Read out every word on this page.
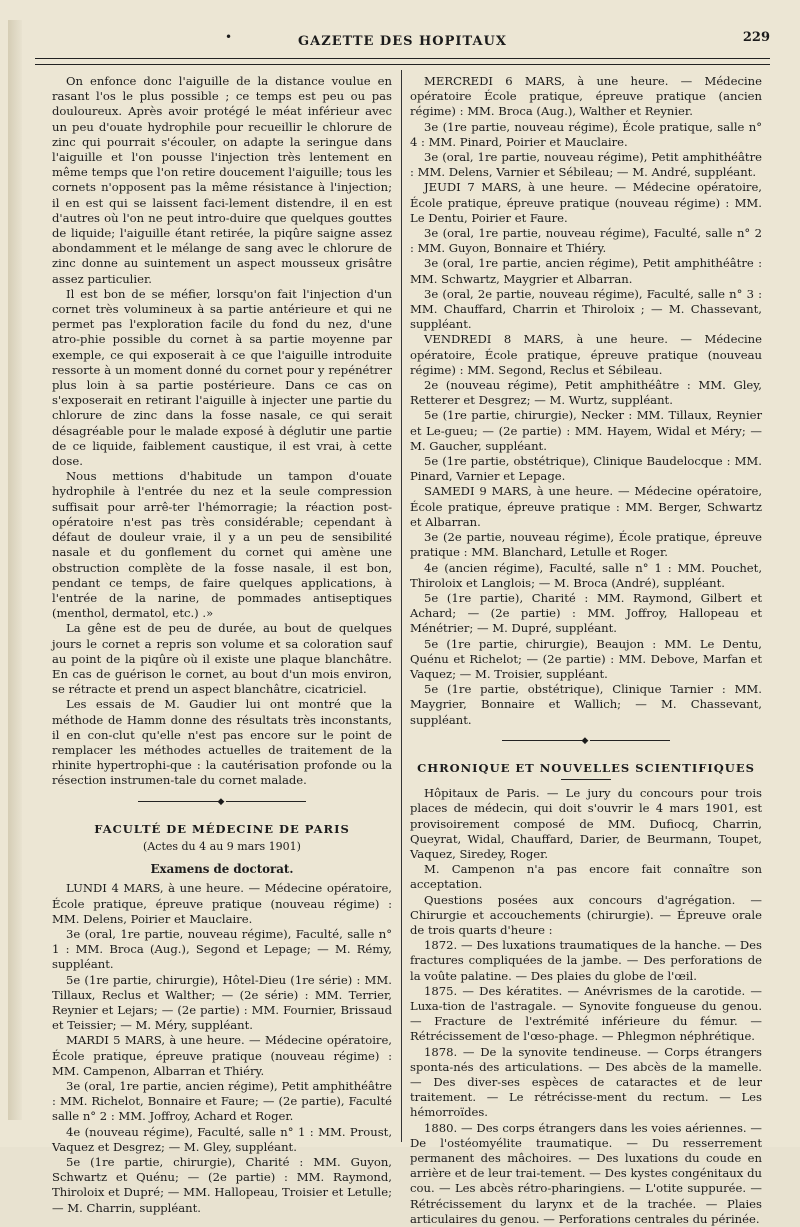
•	GAZETTE DES HOPITAUX	229

On enfonce donc l'aiguille de la distance voulue en rasant l'os le plus possible ; ce temps est peu ou pas douloureux. Après avoir protégé le méat inférieur avec un peu d'ouate hydrophile pour recueillir le chlorure de zinc qui pourrait s'écouler, on adapte la seringue dans l'aiguille et l'on pousse l'injection très lentement en même temps que l'on retire doucement l'aiguille; tous les cornets n'opposent pas la même résistance à l'injection; il en est qui se laissent faci-lement distendre, il en est d'autres où l'on ne peut intro-duire que quelques gouttes de liquide; l'aiguille étant retirée, la piqûre saigne assez abondamment et le mélange de sang avec le chlorure de zinc donne au suintement un aspect mousseux grisâtre assez particulier.

Il est bon de se méfier, lorsqu'on fait l'injection d'un cornet très volumineux à sa partie antérieure et qui ne permet pas l'exploration facile du fond du nez, d'une atro-phie possible du cornet à sa partie moyenne par exemple, ce qui exposerait à ce que l'aiguille introduite ressorte à un moment donné du cornet pour y repénétrer plus loin à sa partie postérieure. Dans ce cas on s'exposerait en retirant l'aiguille à injecter une partie du chlorure de zinc dans la fosse nasale, ce qui serait désagréable pour le malade exposé à déglutir une partie de ce liquide, faiblement caustique, il est vrai, à cette dose.

Nous mettions d'habitude un tampon d'ouate hydrophile à l'entrée du nez et la seule compression suffisait pour arrê-ter l'hémorragie; la réaction post-opératoire n'est pas très considérable; cependant à défaut de douleur vraie, il y a un peu de sensibilité nasale et du gonflement du cornet qui amène une obstruction complète de la fosse nasale, il est bon, pendant ce temps, de faire quelques applications, à l'entrée de la narine, de pommades antiseptiques (menthol, dermatol, etc.) .»

La gêne est de peu de durée, au bout de quelques jours le cornet a repris son volume et sa coloration sauf au point de la piqûre où il existe une plaque blanchâtre. En cas de guérison le cornet, au bout d'un mois environ, se rétracte et prend un aspect blanchâtre, cicatriciel.

Les essais de M. Gaudier lui ont montré que la méthode de Hamm donne des résultats très inconstants, il en con-clut qu'elle n'est pas encore sur le point de remplacer les méthodes actuelles de traitement de la rhinite hypertrophi-que : la cautérisation profonde ou la résection instrumen-tale du cornet malade.

◆
FACULTÉ DE MÉDECINE DE PARIS
(Actes du 4 au 9 mars 1901)
Examens de doctorat.

LUNDI 4 MARS, à une heure. — Médecine opératoire, École pratique, épreuve pratique (nouveau régime) : MM. Delens, Poirier et Mauclaire.

3e (oral, 1re partie, nouveau régime), Faculté, salle n° 1 : MM. Broca (Aug.), Segond et Lepage; — M. Rémy, suppléant.

5e (1re partie, chirurgie), Hôtel-Dieu (1re série) : MM. Tillaux, Reclus et Walther; — (2e série) : MM. Terrier, Reynier et Lejars; — (2e partie) : MM. Fournier, Brissaud et Teissier; — M. Méry, suppléant.

MARDI 5 MARS, à une heure. — Médecine opératoire, École pratique, épreuve pratique (nouveau régime) : MM. Campenon, Albarran et Thiéry.

3e (oral, 1re partie, ancien régime), Petit amphithéâtre : MM. Richelot, Bonnaire et Faure; — (2e partie), Faculté salle n° 2 : MM. Joffroy, Achard et Roger.

4e (nouveau régime), Faculté, salle n° 1 : MM. Proust, Vaquez et Desgrez; — M. Gley, suppléant.

5e (1re partie, chirurgie), Charité : MM. Guyon, Schwartz et Quénu; — (2e partie) : MM. Raymond, Thiroloix et Dupré; — MM. Hallopeau, Troisier et Letulle; — M. Charrin, suppléant.

MERCREDI 6 MARS, à une heure. — Médecine opératoire École pratique, épreuve pratique (ancien régime) : MM. Broca (Aug.), Walther et Reynier.

3e (1re partie, nouveau régime), École pratique, salle n° 4 : MM. Pinard, Poirier et Mauclaire.

3e (oral, 1re partie, nouveau régime), Petit amphithéâtre : MM. Delens, Varnier et Sébileau; — M. André, suppléant.

JEUDI 7 MARS, à une heure. — Médecine opératoire, École pratique, épreuve pratique (nouveau régime) : MM. Le Dentu, Poirier et Faure.

3e (oral, 1re partie, nouveau régime), Faculté, salle n° 2 : MM. Guyon, Bonnaire et Thiéry.

3e (oral, 1re partie, ancien régime), Petit amphithéâtre : MM. Schwartz, Maygrier et Albarran.

3e (oral, 2e partie, nouveau régime), Faculté, salle n° 3 : MM. Chauffard, Charrin et Thiroloix ; — M. Chassevant, suppléant.

VENDREDI 8 MARS, à une heure. — Médecine opératoire, École pratique, épreuve pratique (nouveau régime) : MM. Segond, Reclus et Sébileau.

2e (nouveau régime), Petit amphithéâtre : MM. Gley, Retterer et Desgrez; — M. Wurtz, suppléant.

5e (1re partie, chirurgie), Necker : MM. Tillaux, Reynier et Le-gueu; — (2e partie) : MM. Hayem, Widal et Méry; — M. Gaucher, suppléant.

5e (1re partie, obstétrique), Clinique Baudelocque : MM. Pinard, Varnier et Lepage.

SAMEDI 9 MARS, à une heure. — Médecine opératoire, École pratique, épreuve pratique : MM. Berger, Schwartz et Albarran.

3e (2e partie, nouveau régime), École pratique, épreuve pratique : MM. Blanchard, Letulle et Roger.

4e (ancien régime), Faculté, salle n° 1 : MM. Pouchet, Thiroloix et Langlois; — M. Broca (André), suppléant.

5e (1re partie), Charité : MM. Raymond, Gilbert et Achard; — (2e partie) : MM. Joffroy, Hallopeau et Ménétrier; — M. Dupré, suppléant.

5e (1re partie, chirurgie), Beaujon : MM. Le Dentu, Quénu et Richelot; — (2e partie) : MM. Debove, Marfan et Vaquez; — M. Troisier, suppléant.

5e (1re partie, obstétrique), Clinique Tarnier : MM. Maygrier, Bonnaire et Wallich; — M. Chassevant, suppléant.

◆
CHRONIQUE ET NOUVELLES SCIENTIFIQUES

Hôpitaux de Paris. — Le jury du concours pour trois places de médecin, qui doit s'ouvrir le 4 mars 1901, est provisoirement composé de MM. Dufiocq, Charrin, Queyrat, Widal, Chauffard, Darier, de Beurmann, Toupet, Vaquez, Siredey, Roger.

M. Campenon n'a pas encore fait connaître son acceptation.

Questions posées aux concours d'agrégation. — Chirurgie et accouchements (chirurgie). — Épreuve orale de trois quarts d'heure :

1872. — Des luxations traumatiques de la hanche. — Des fractures compliquées de la jambe. — Des perforations de la voûte palatine. — Des plaies du globe de l'œil.

1875. — Des kératites. — Anévrismes de la carotide. — Luxa-tion de l'astragale. — Synovite fongueuse du genou. — Fracture de l'extrémité inférieure du fémur. — Rétrécissement de l'œso-phage. — Phlegmon néphrétique.

1878. — De la synovite tendineuse. — Corps étrangers sponta-nés des articulations. — Des abcès de la mamelle. — Des diver-ses espèces de cataractes et de leur traitement. — Le rétrécisse-ment du rectum. — Les hémorroïdes.

1880. — Des corps étrangers dans les voies aériennes. — De l'ostéomyélite traumatique. — Du resserrement permanent des mâchoires. — Des luxations du coude en arrière et de leur trai-tement. — Des kystes congénitaux du cou. — Les abcès rétro-pharingiens. — L'otite suppurée. — Rétrécissement du larynx et de la trachée. — Plaies articulaires du genou. — Perforations centrales du périnée.
